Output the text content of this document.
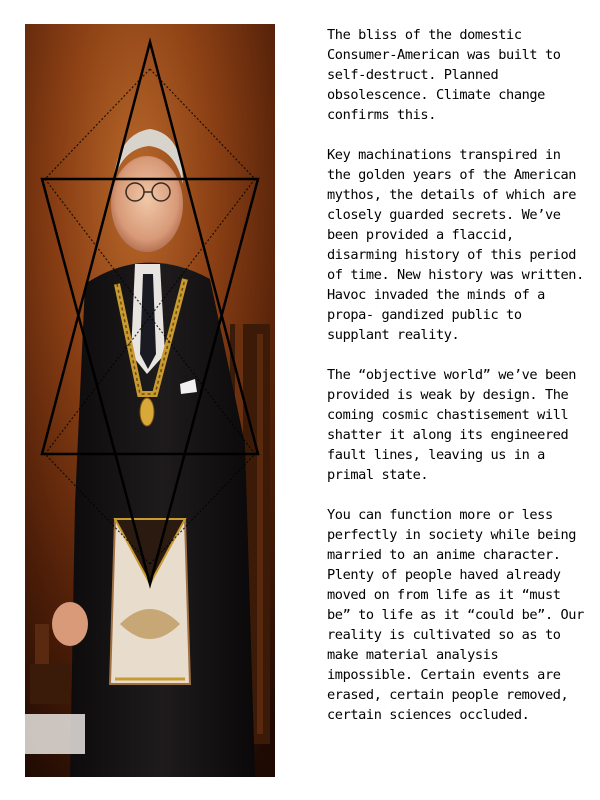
The bliss of the domestic Consumer-American was built to self-destruct. Planned obsolescence. Climate change confirms this.

Key machinations transpired in the golden years of the American mythos, the details of which are closely guarded secrets. We’ve been provided a flaccid, disarming history of this period of time. New history was written. Havoc invaded the minds of a propa- gandized public to supplant reality.

The “objective world” we’ve been provided is weak by design. The coming cosmic chastisement will shatter it along its engineered fault lines, leaving us in a primal state.

You can function more or less perfectly in society while being married to an anime character. Plenty of people haved already moved on from life as it “must be” to life as it “could be”. Our reality is cultivated so as to make material analysis impossible. Certain events are erased, certain people removed, certain sciences occluded.
